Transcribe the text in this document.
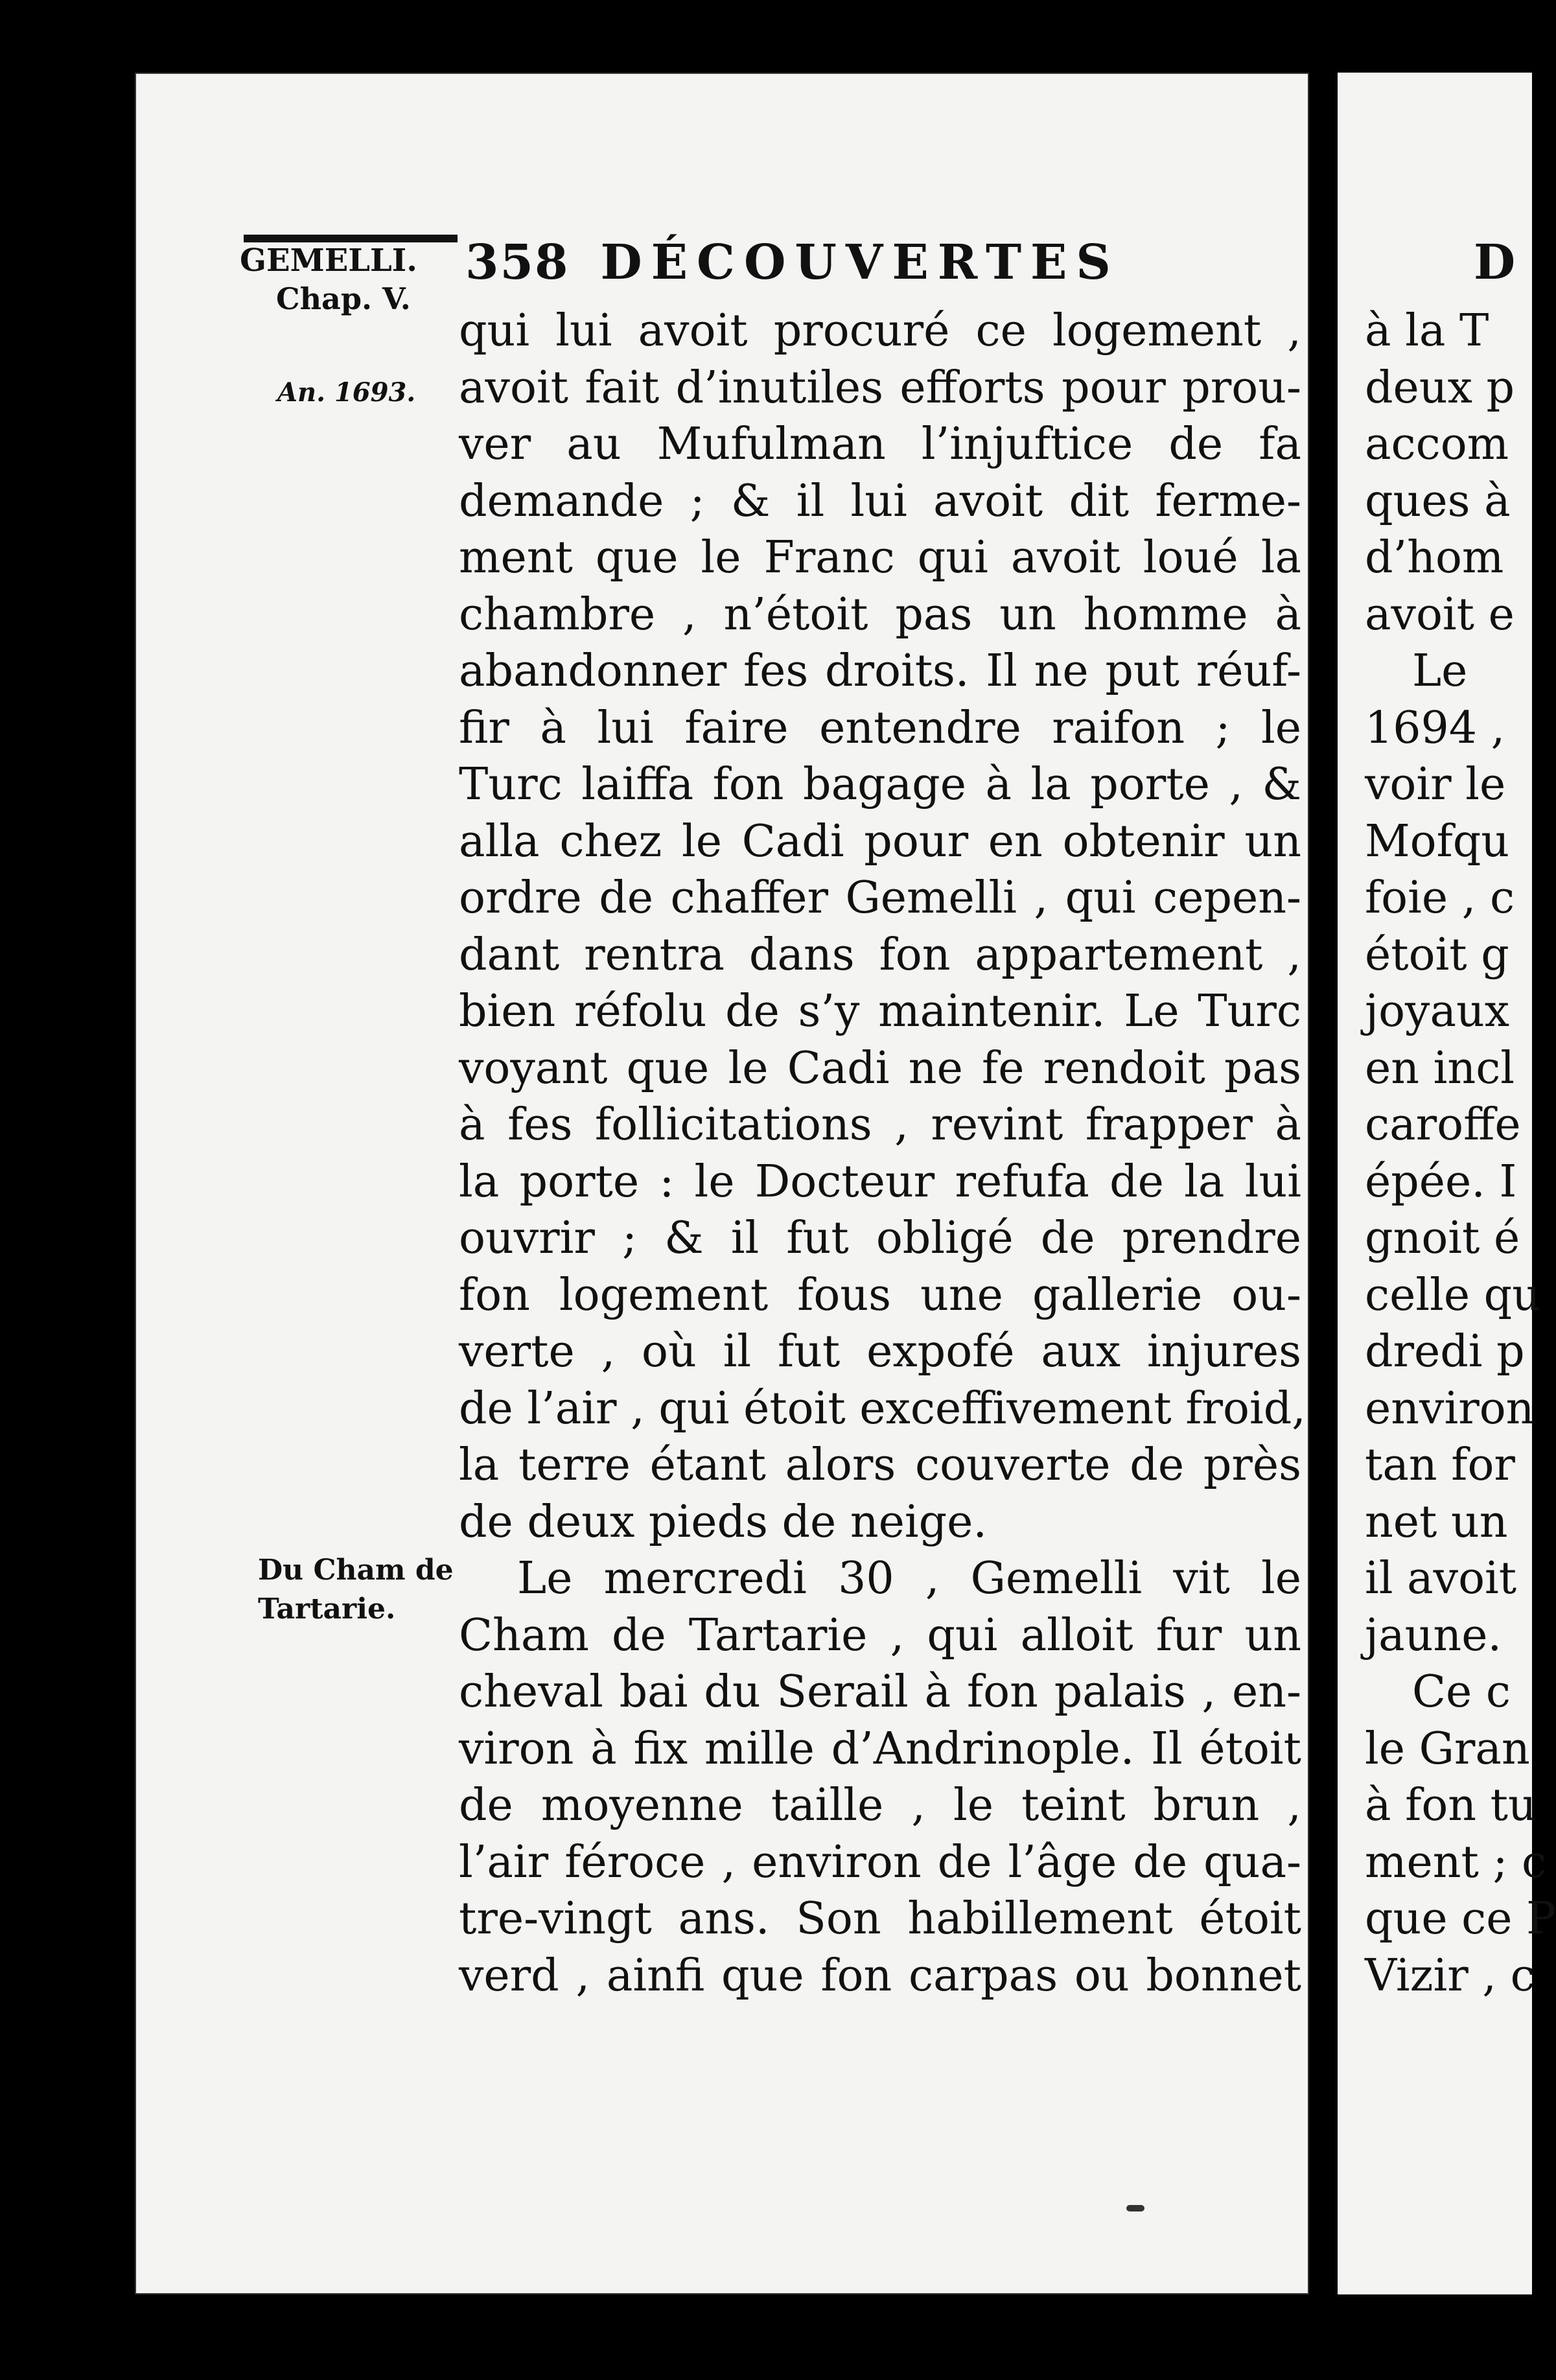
358 DÉCOUVERTES
GEMELLI.
Chap. V.
An. 1693.
Du Cham de
Tartarie.
qui lui avoit procuré ce logement ,
avoit fait d’inutiles efforts pour prou-
ver au Mufulman l’injuftice de fa
demande ; & il lui avoit dit ferme-
ment que le Franc qui avoit loué la
chambre , n’étoit pas un homme à
abandonner fes droits. Il ne put réuf-
fir à lui faire entendre raifon ; le
Turc laiffa fon bagage à la porte , &
alla chez le Cadi pour en obtenir un
ordre de chaffer Gemelli , qui cepen-
dant rentra dans fon appartement ,
bien réfolu de s’y maintenir. Le Turc
voyant que le Cadi ne fe rendoit pas
à fes follicitations , revint frapper à
la porte : le Docteur refufa de la lui
ouvrir ; & il fut obligé de prendre
fon logement fous une gallerie ou-
verte , où il fut expofé aux injures
de l’air , qui étoit exceffivement froid,
la terre étant alors couverte de près
de deux pieds de neige.
Le mercredi 30 , Gemelli vit le
Cham de Tartarie , qui alloit fur un
cheval bai du Serail à fon palais , en-
viron à fix mille d’Andrinople. Il étoit
de moyenne taille , le teint brun ,
l’air féroce , environ de l’âge de qua-
tre-vingt ans. Son habillement étoit
verd , ainfi que fon carpas ou bonnet
D
à la T
deux p
accom
ques à
d’hom
avoit e
Le
1694 ,
voir le
Mofqu
foie , c
étoit g
joyaux
en incl
caroffe
épée. I
gnoit é
celle qu
dredi p
environ
tan for
net un
il avoit
jaune.
Ce c
le Gran
à fon tu
ment ; c
que ce P
Vizir , c
